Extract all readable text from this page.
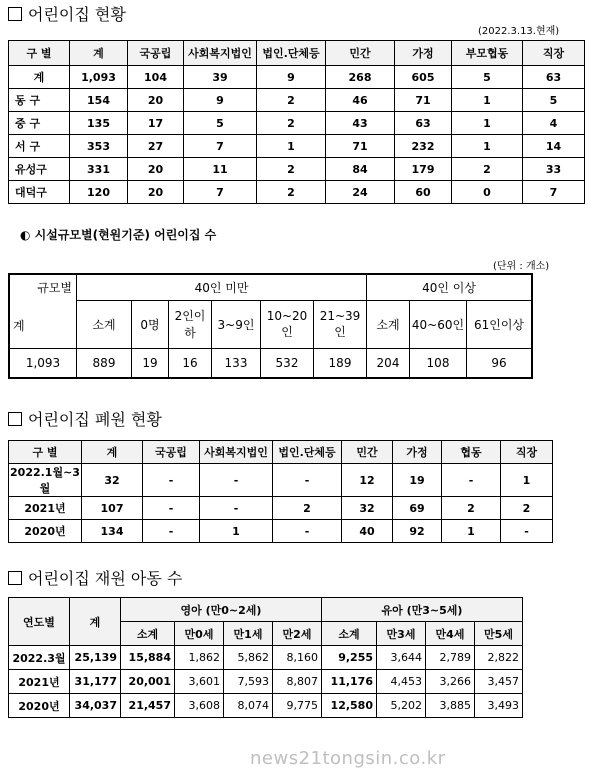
어린이집 현황
(2022.3.13.현재)
구 별	계	국공립	사회복지법인	법인.단체등	민간	가정	부모협동	직장
계	1,093	104	39	9	268	605	5	63
동 구	154	20	9	2	46	71	1	5
중 구	135	17	5	2	43	63	1	4
서 구	353	27	7	1	71	232	1	14
유성구	331	20	11	2	84	179	2	33
대덕구	120	20	7	2	24	60	0	7
◐ 시설규모별(현원기준) 어린이집 수
(단위 : 개소)
규모별
계	40인 미만						40인 이상		
	소계	0명	2인이하	3~9인	10~20인	21~39인	소계	40~60인	61인이상
1,093	889	19	16	133	532	189	204	108	96
어린이집 폐원 현황
구 별	계	국공립	사회복지법인	법인.단체등	민간	가정	협동	직장
2022.1월~3월	32	-	-	-	12	19	-	1
2021년	107	-	-	2	32	69	2	2
2020년	134	-	1	-	40	92	1	-
어린이집 재원 아동 수
연도별	계	영아 (만0~2세)				유아 (만3~5세)			
		소계	만0세	만1세	만2세	소계	만3세	만4세	만5세
2022.3월	25,139	15,884	1,862	5,862	8,160	9,255	3,644	2,789	2,822
2021년	31,177	20,001	3,601	7,593	8,807	11,176	4,453	3,266	3,457
2020년	34,037	21,457	3,608	8,074	9,775	12,580	5,202	3,885	3,493
news21tongsin.co.kr
